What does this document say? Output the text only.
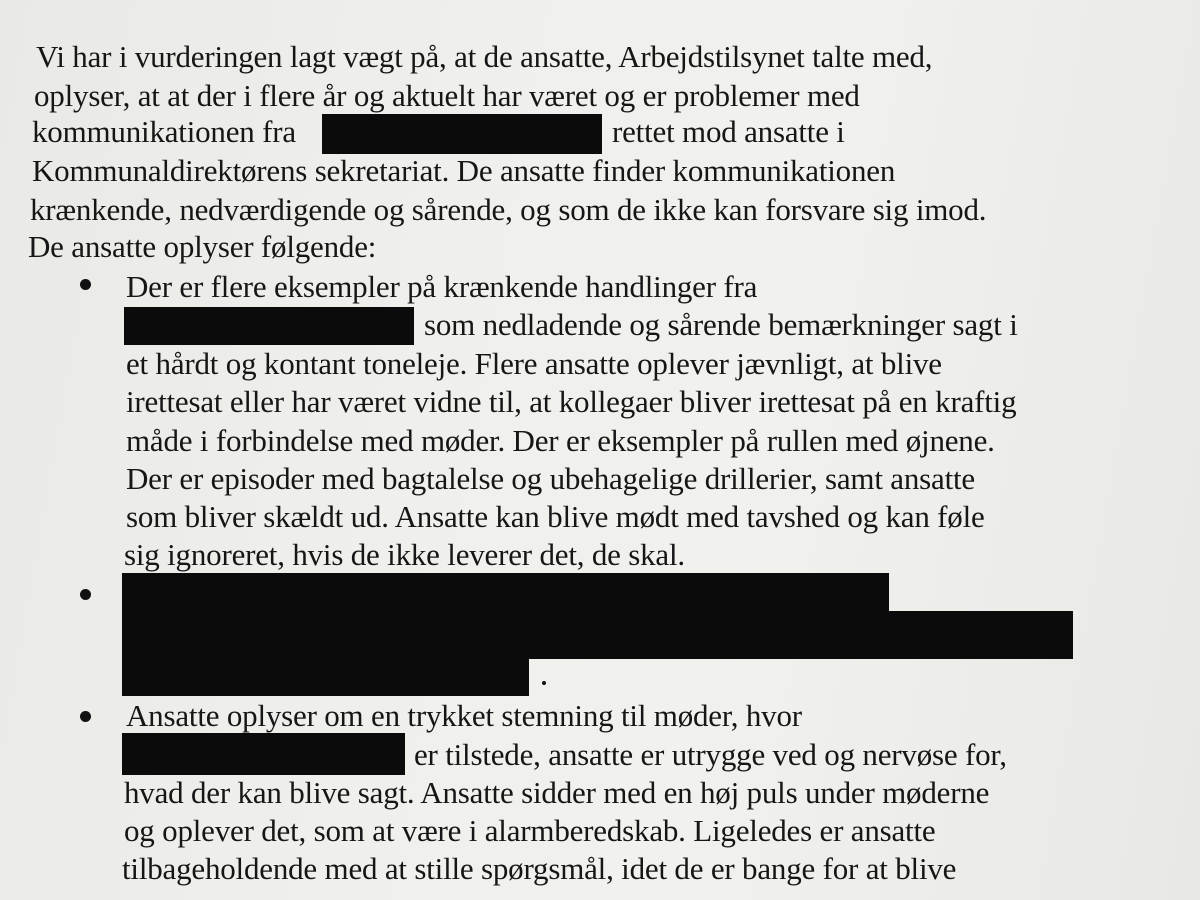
Vi har i vurderingen lagt vægt på, at de ansatte, Arbejdstilsynet talte med,
oplyser, at at der i flere år og aktuelt har været og er problemer med
kommunikationen fra	rettet mod ansatte i
Kommunaldirektørens sekretariat. De ansatte finder kommunikationen
krænkende, nedværdigende og sårende, og som de ikke kan forsvare sig imod.
De ansatte oplyser følgende:
Der er flere eksempler på krænkende handlinger fra
som nedladende og sårende bemærkninger sagt i
et hårdt og kontant toneleje. Flere ansatte oplever jævnligt, at blive
irettesat eller har været vidne til, at kollegaer bliver irettesat på en kraftig
måde i forbindelse med møder. Der er eksempler på rullen med øjnene.
Der er episoder med bagtalelse og ubehagelige drillerier, samt ansatte
som bliver skældt ud. Ansatte kan blive mødt med tavshed og kan føle
sig ignoreret, hvis de ikke leverer det, de skal.
Ansatte oplyser om en trykket stemning til møder, hvor
er tilstede, ansatte er utrygge ved og nervøse for,
hvad der kan blive sagt. Ansatte sidder med en høj puls under møderne
og oplever det, som at være i alarmberedskab. Ligeledes er ansatte
tilbageholdende med at stille spørgsmål, idet de er bange for at blive
